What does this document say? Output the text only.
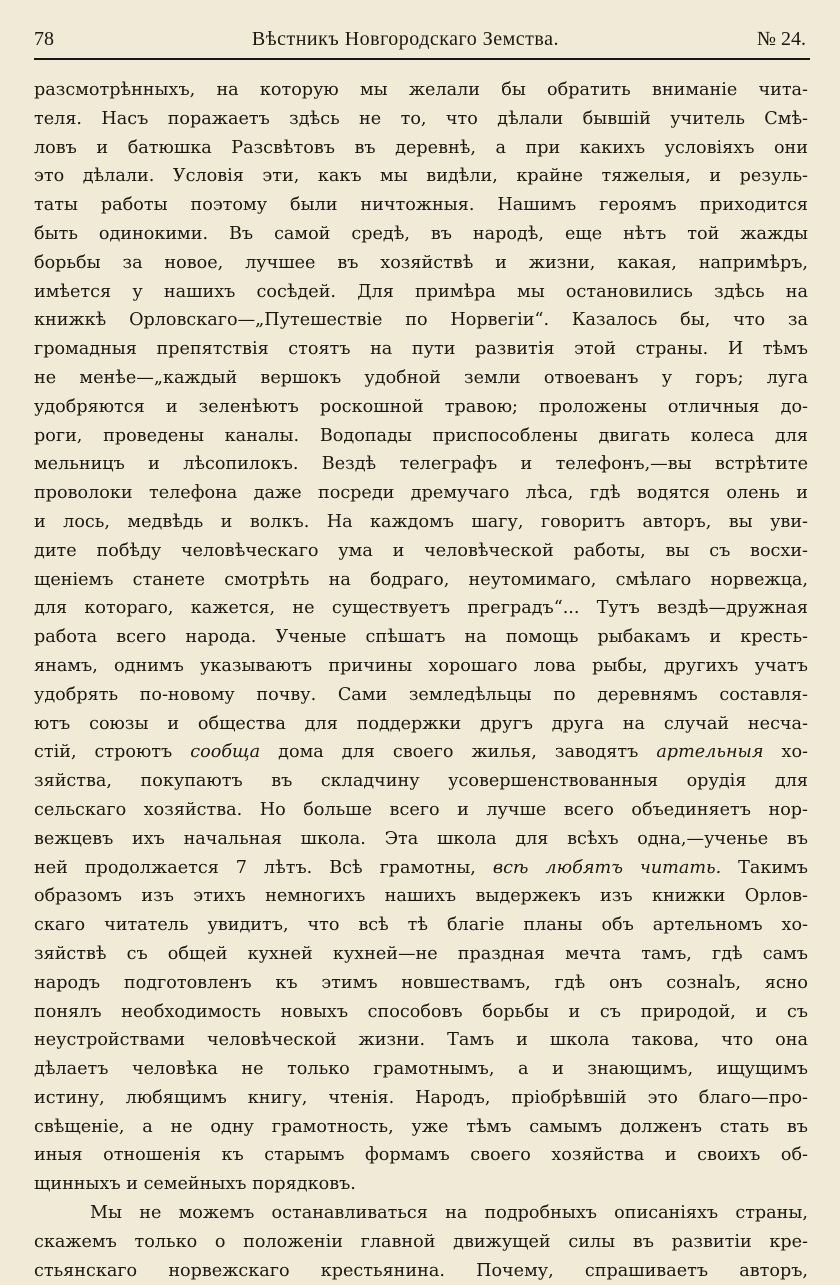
78	Вѣстникъ Новгородскаго Земства.	№ 24.
разсмотрѣнныхъ, на которую мы желали бы обратить вниманіе чита-
теля. Насъ поражаетъ здѣсь не то, что дѣлали бывшій учитель Смѣ-
ловъ и батюшка Разсвѣтовъ въ деревнѣ, а при какихъ условіяхъ они
это дѣлали. Условія эти, какъ мы видѣли, крайне тяжелыя, и резуль-
таты работы поэтому были ничтожныя. Нашимъ героямъ приходится
быть одинокими. Въ самой средѣ, въ народѣ, еще нѣтъ той жажды
борьбы за новое, лучшее въ хозяйствѣ и жизни, какая, напримѣръ,
имѣется у нашихъ сосѣдей. Для примѣра мы остановились здѣсь на
книжкѣ Орловскаго—„Путешествіе по Норвегіи“. Казалось бы, что за
громадныя препятствія стоятъ на пути развитія этой страны. И тѣмъ
не менѣе—„каждый вершокъ удобной земли отвоеванъ у горъ; луга
удобряются и зеленѣютъ роскошной травою; проложены отличныя до-
роги, проведены каналы. Водопады приспособлены двигать колеса для
мельницъ и лѣсопилокъ. Вездѣ телеграфъ и телефонъ,—вы встрѣтите
проволоки телефона даже посреди дремучаго лѣса, гдѣ водятся олень и
и лось, медвѣдь и волкъ. На каждомъ шагу, говоритъ авторъ, вы уви-
дите побѣду человѣческаго ума и человѣческой работы, вы съ восхи-
щеніемъ станете смотрѣть на бодраго, неутомимаго, смѣлаго норвежца,
для котораго, кажется, не существуетъ преградъ“... Тутъ вездѣ—дружная
работа всего народа. Ученые спѣшатъ на помощь рыбакамъ и кресть-
янамъ, однимъ указываютъ причины хорошаго лова рыбы, другихъ учатъ
удобрять по-новому почву. Сами земледѣльцы по деревнямъ составля-
ютъ союзы и общества для поддержки другъ друга на случай несча-
стій, строютъ сообща дома для своего жилья, заводятъ артельныя хо-
зяйства, покупаютъ въ складчину усовершенствованныя орудія для
сельскаго хозяйства. Но больше всего и лучше всего объединяетъ нор-
вежцевъ ихъ начальная школа. Эта школа для всѣхъ одна,—ученье въ
ней продолжается 7 лѣтъ. Всѣ грамотны, всѣ любятъ читать. Такимъ
образомъ изъ этихъ немногихъ нашихъ выдержекъ изъ книжки Орлов-
скаго читатель увидитъ, что всѣ тѣ благіе планы объ артельномъ хо-
зяйствѣ съ общей кухней кухней—не праздная мечта тамъ, гдѣ самъ
народъ подготовленъ къ этимъ новшествамъ, гдѣ онъ сознаlъ, ясно
понялъ необходимость новыхъ способовъ борьбы и съ природой, и съ
неустройствами человѣческой жизни. Тамъ и школа такова, что она
дѣлаетъ человѣка не только грамотнымъ, а и знающимъ, ищущимъ
истину, любящимъ книгу, чтенія. Народъ, пріобрѣвшій это благо—про-
свѣщеніе, а не одну грамотность, уже тѣмъ самымъ долженъ стать въ
иныя отношенія къ старымъ формамъ своего хозяйства и своихъ об-
щинныхъ и семейныхъ порядковъ.
Мы не можемъ останавливаться на подробныхъ описаніяхъ страны,
скажемъ только о положеніи главной движущей силы въ развитіи кре-
стьянскаго норвежскаго крестьянина. Почему, спрашиваетъ авторъ,
